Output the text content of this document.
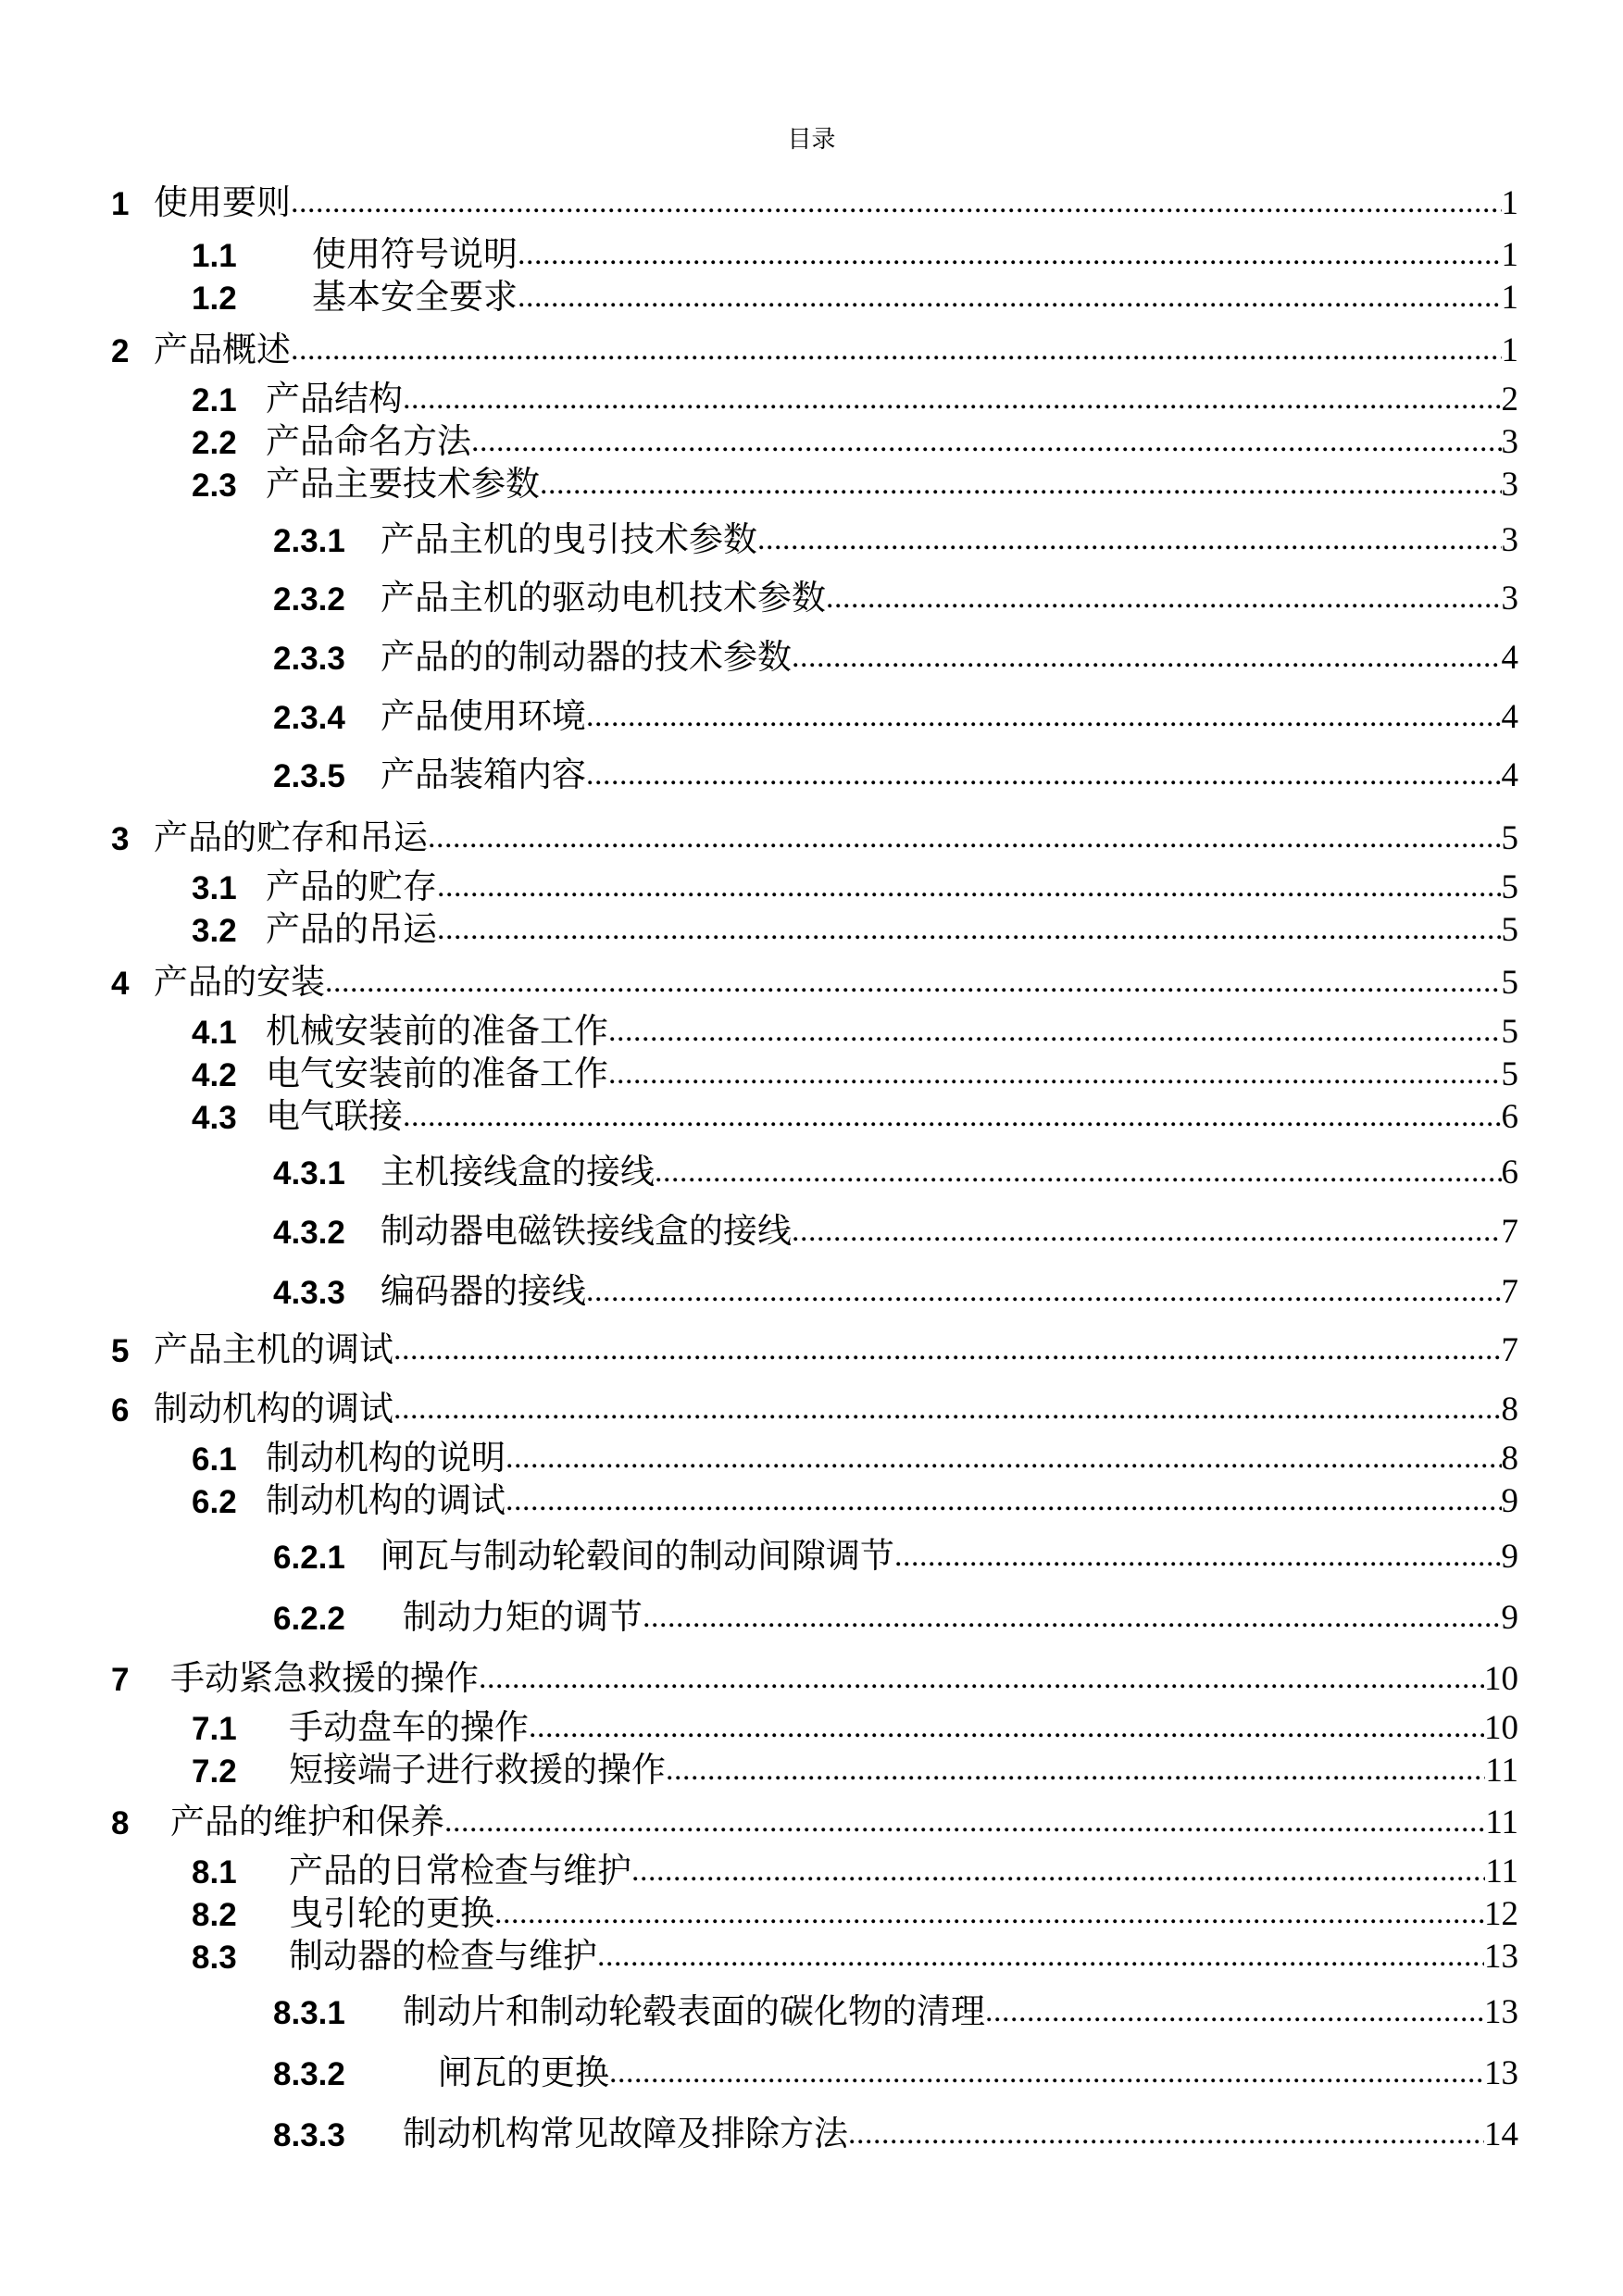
目录
1 使用要则 .....	1
1.1	使用符号说明 .....	1
1.2	基本安全要求 .....	1
2 产品概述 .....	1
2.1 产品结构 .....	2
2.2 产品命名方法 .....	3
2.3 产品主要技术参数 .....	3
2.3.1	产品主机的曳引技术参数 .....	3
2.3.2	产品主机的驱动电机技术参数 .....	3
2.3.3	产品的的制动器的技术参数 .....	4
2.3.4	产品使用环境 .....	4
2.3.5	产品装箱内容 .....	4
3 产品的贮存和吊运 .....	5
3.1 产品的贮存 .....	5
3.2 产品的吊运 .....	5
4 产品的安装 .....	5
4.1 机械安装前的准备工作 .....	5
4.2 电气安装前的准备工作 .....	5
4.3 电气联接 .....	6
4.3.1	主机接线盒的接线 .....	6
4.3.2	制动器电磁铁接线盒的接线 .....	7
4.3.3	编码器的接线 .....	7
5 产品主机的调试 .....	7
6 制动机构的调试 .....	8
6.1 制动机构的说明 .....	8
6.2 制动机构的调试 .....	9
6.2.1	闸瓦与制动轮毂间的制动间隙调节 .....	9
6.2.2	制动力矩的调节 .....	9
7	手动紧急救援的操作 .....	10
7.1	手动盘车的操作 .....	10
7.2	短接端子进行救援的操作 .....	11
8	产品的维护和保养 .....	11
8.1	产品的日常检查与维护 .....	11
8.2	曳引轮的更换 .....	12
8.3	制动器的检查与维护 .....	13
8.3.1	制动片和制动轮毂表面的碳化物的清理 .....	13
8.3.2	闸瓦的更换 .....	13
8.3.3	制动机构常见故障及排除方法 .....	14
